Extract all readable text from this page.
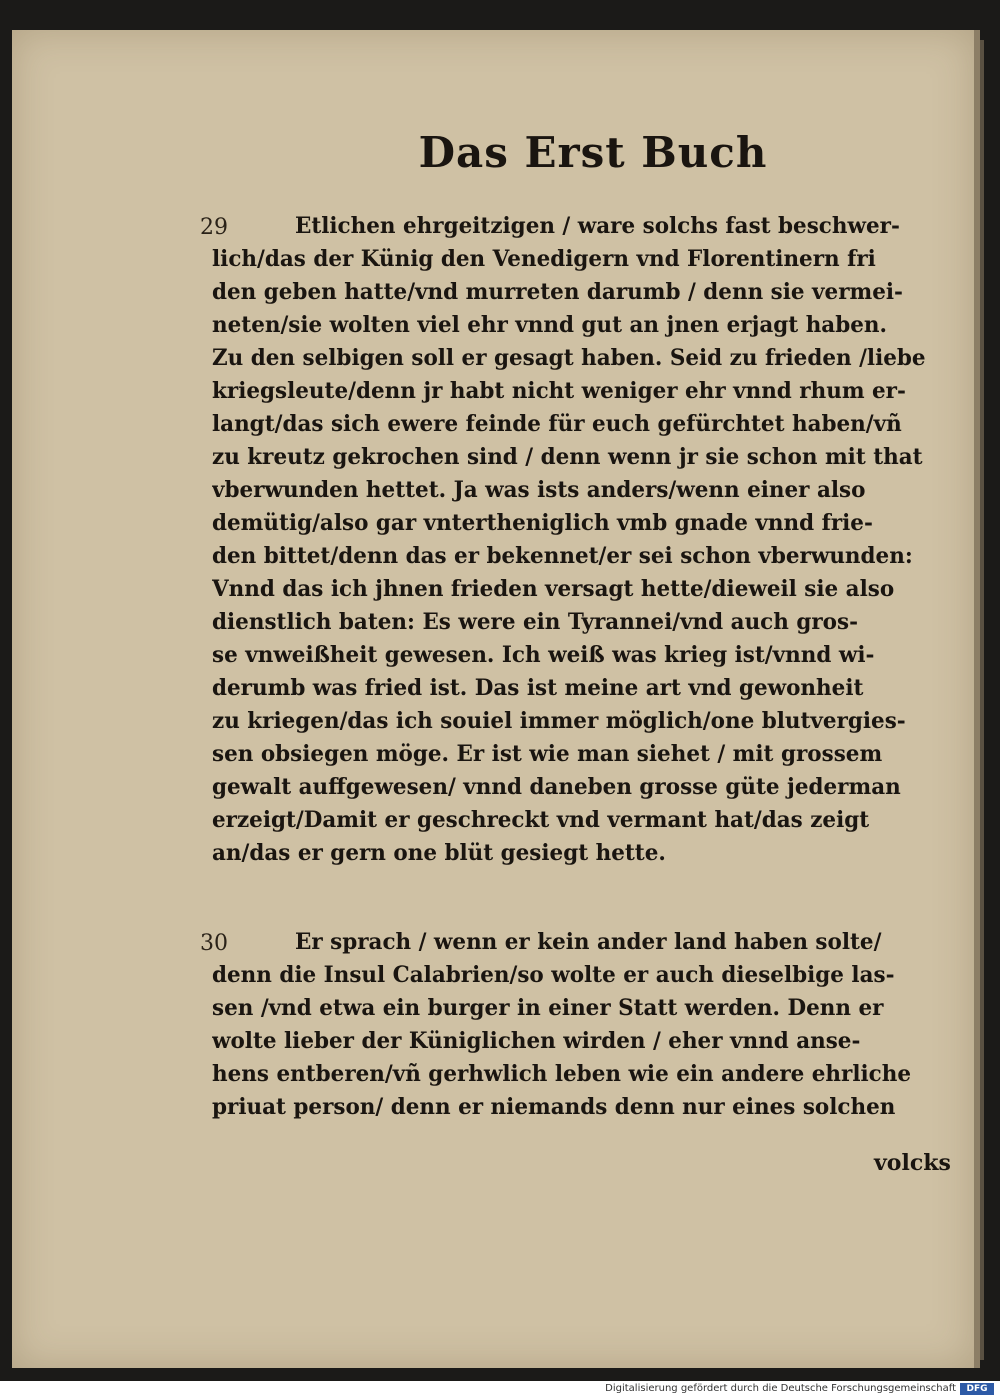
Das Erst Buch
29	Etlichen ehrgeitzigen / ware solchs fast beschwer-
lich/das der Künig den Venedigern vnd Florentinern fri
den geben hatte/vnd murreten darumb / denn sie vermei-
neten/sie wolten viel ehr vnnd gut an jnen erjagt haben.
Zu den selbigen soll er gesagt haben. Seid zu frieden /liebe
kriegsleute/denn jr habt nicht weniger ehr vnnd rhum er-
langt/das sich ewere feinde für euch gefürchtet haben/vñ
zu kreutz gekrochen sind / denn wenn jr sie schon mit that
vberwunden hettet. Ja was ists anders/wenn einer also
demütig/also gar vntertheniglich vmb gnade vnnd frie-
den bittet/denn das er bekennet/er sei schon vberwunden:
Vnnd das ich jhnen frieden versagt hette/dieweil sie also
dienstlich baten: Es were ein Tyrannei/vnd auch gros-
se vnweißheit gewesen. Ich weiß was krieg ist/vnnd wi-
derumb was fried ist. Das ist meine art vnd gewonheit
zu kriegen/das ich souiel immer möglich/one blutvergies-
sen obsiegen möge. Er ist wie man siehet / mit grossem
gewalt auffgewesen/ vnnd daneben grosse güte jederman
erzeigt/Damit er geschreckt vnd vermant hat/das zeigt
an/das er gern one blüt gesiegt hette.
30	Er sprach / wenn er kein ander land haben solte/
denn die Insul Calabrien/so wolte er auch dieselbige las-
sen /vnd etwa ein burger in einer Statt werden. Denn er
wolte lieber der Küniglichen wirden / eher vnnd anse-
hens entberen/vñ gerhwlich leben wie ein andere ehrliche
priuat person/ denn er niemands denn nur eines solchen
volcks
Digitalisierung gefördert durch die Deutsche Forschungsgemeinschaft	DFG
